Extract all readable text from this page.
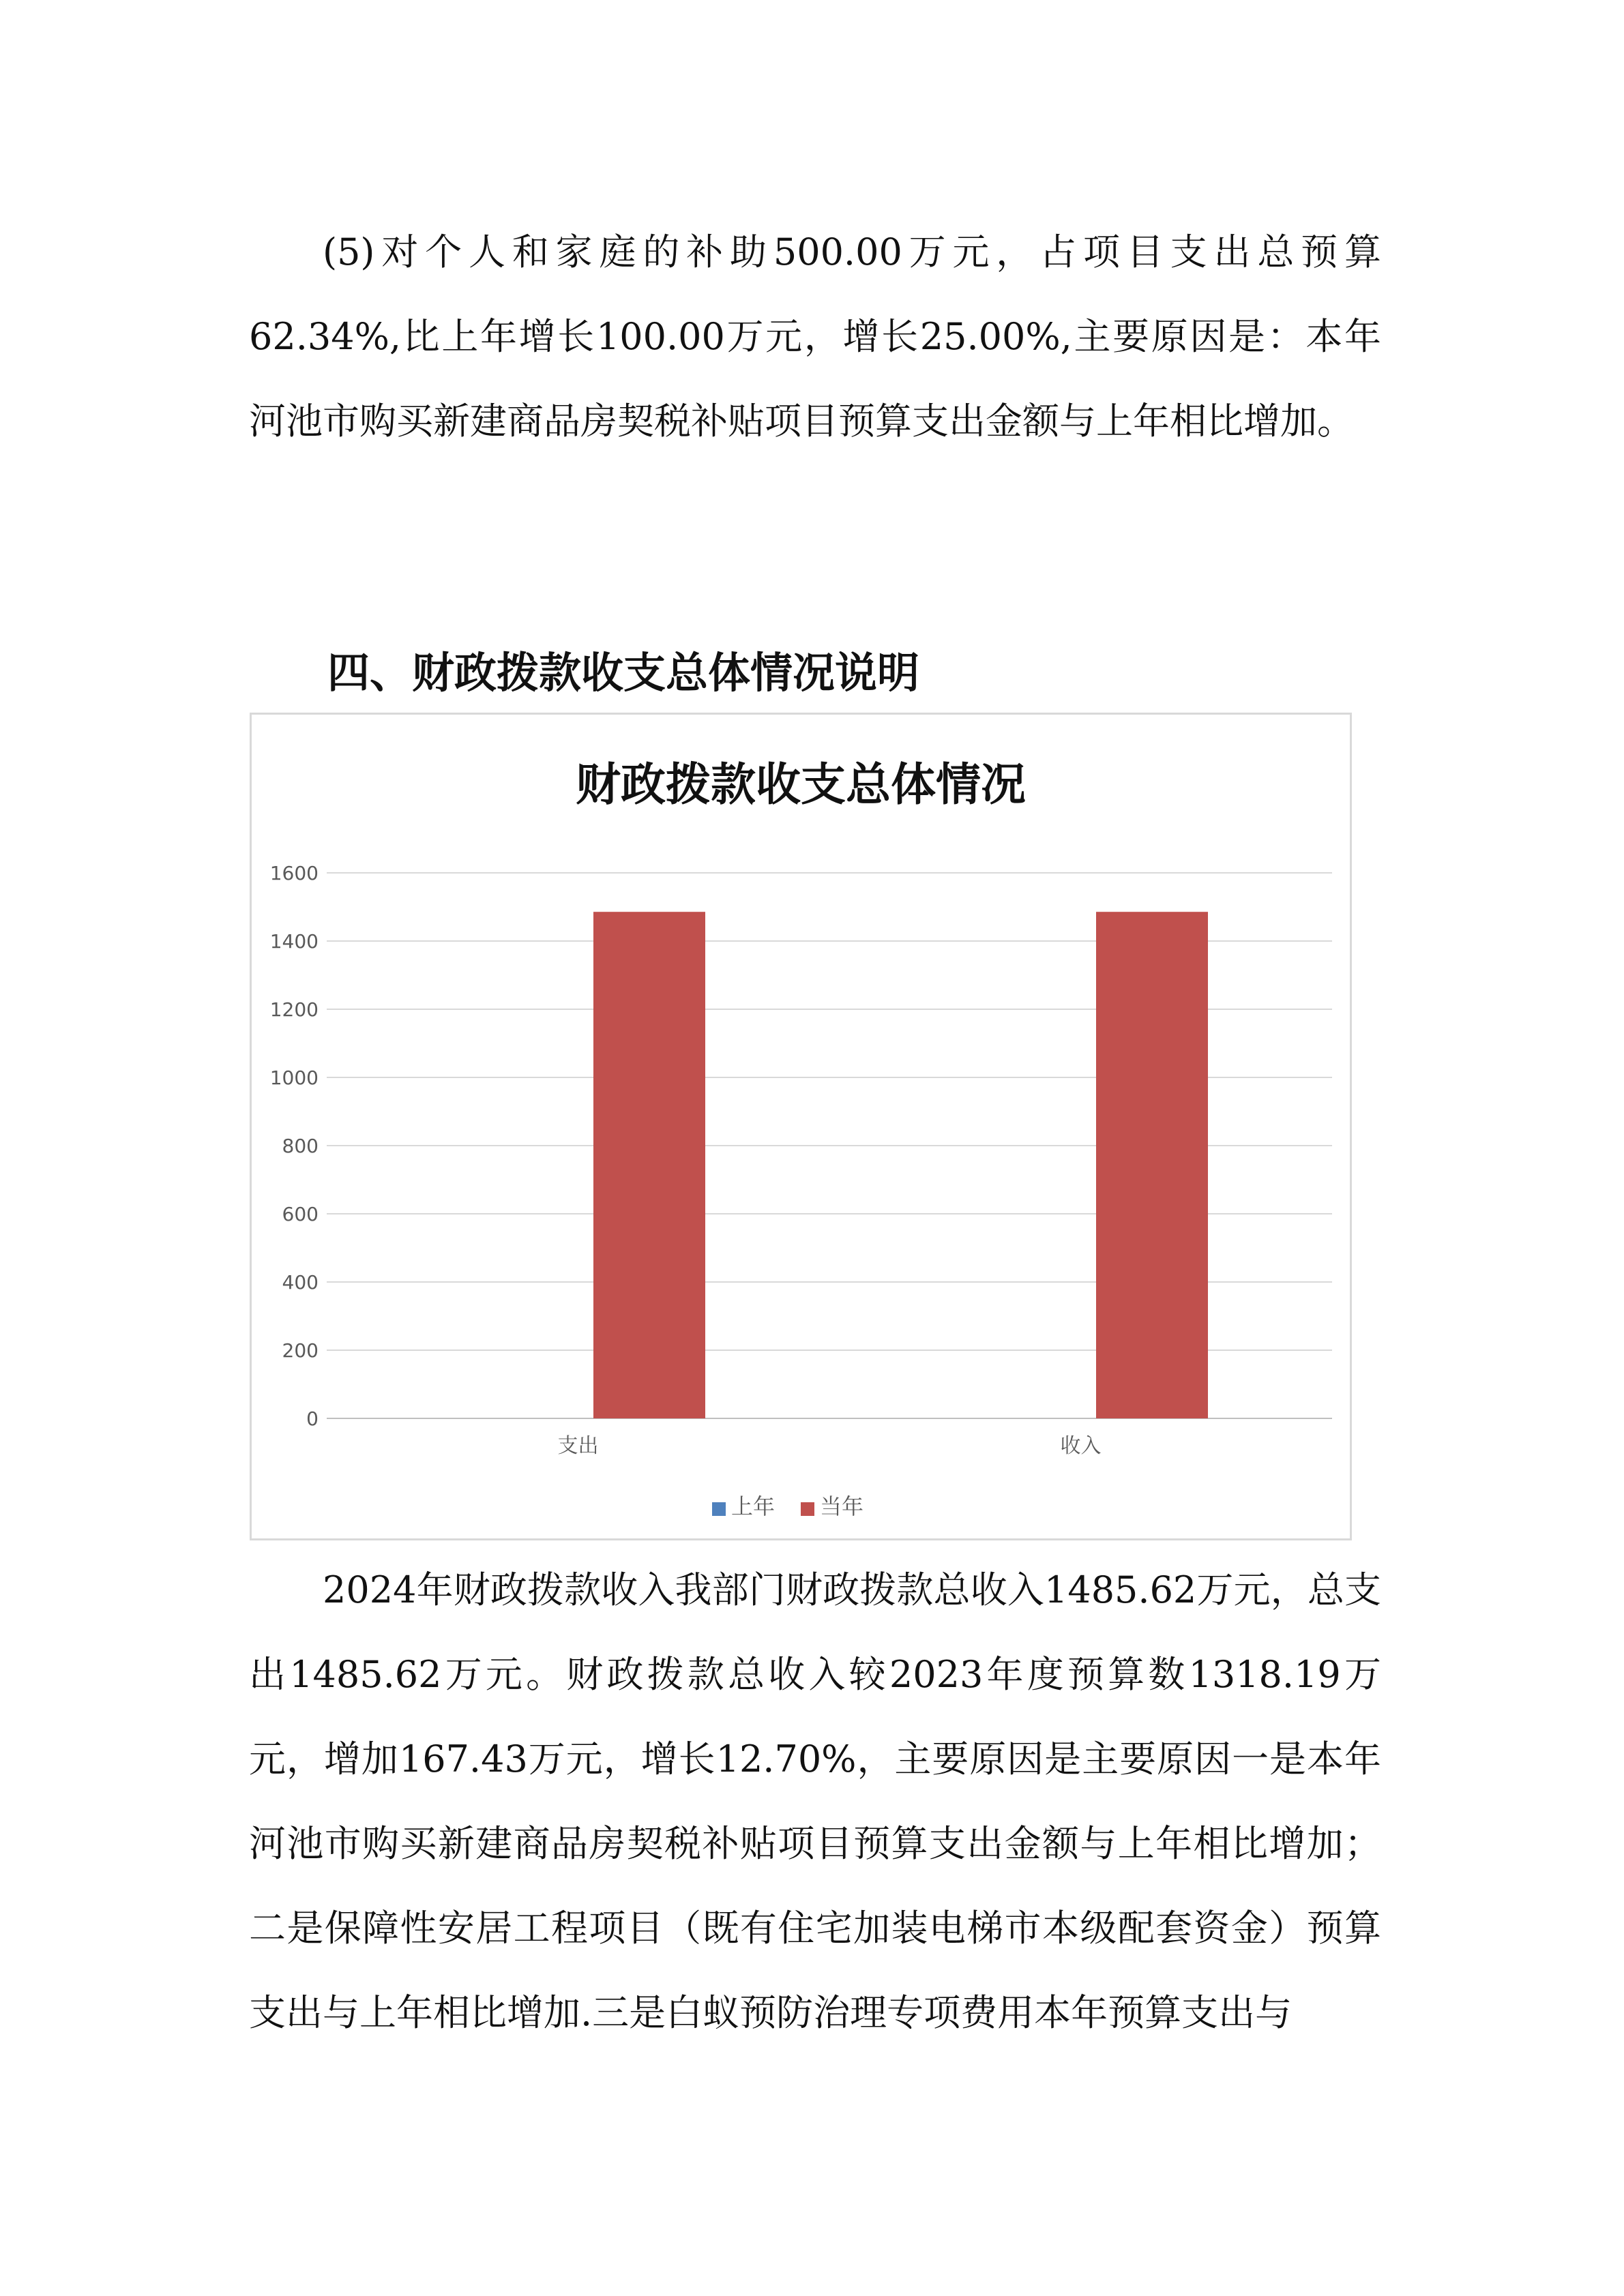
(5)对个人和家庭的补助500.00万元，占项目支出总预算62.34%,比上年增长100.00万元，增长25.00%,主要原因是：本年河池市购买新建商品房契税补贴项目预算支出金额与上年相比增加。

四、财政拨款收支总体情况说明
财政拨款收支总体情况
0
200
400
600
800
1000
1200
1400
1600
支出	收入
上年 当年

2024年财政拨款收入我部门财政拨款总收入1485.62万元，总支出1485.62万元。财政拨款总收入较2023年度预算数1318.19万元，增加167.43万元，增长12.70%，主要原因是主要原因一是本年河池市购买新建商品房契税补贴项目预算支出金额与上年相比增加；二是保障性安居工程项目（既有住宅加装电梯市本级配套资金）预算支出与上年相比增加.三是白蚁预防治理专项费用本年预算支出与
